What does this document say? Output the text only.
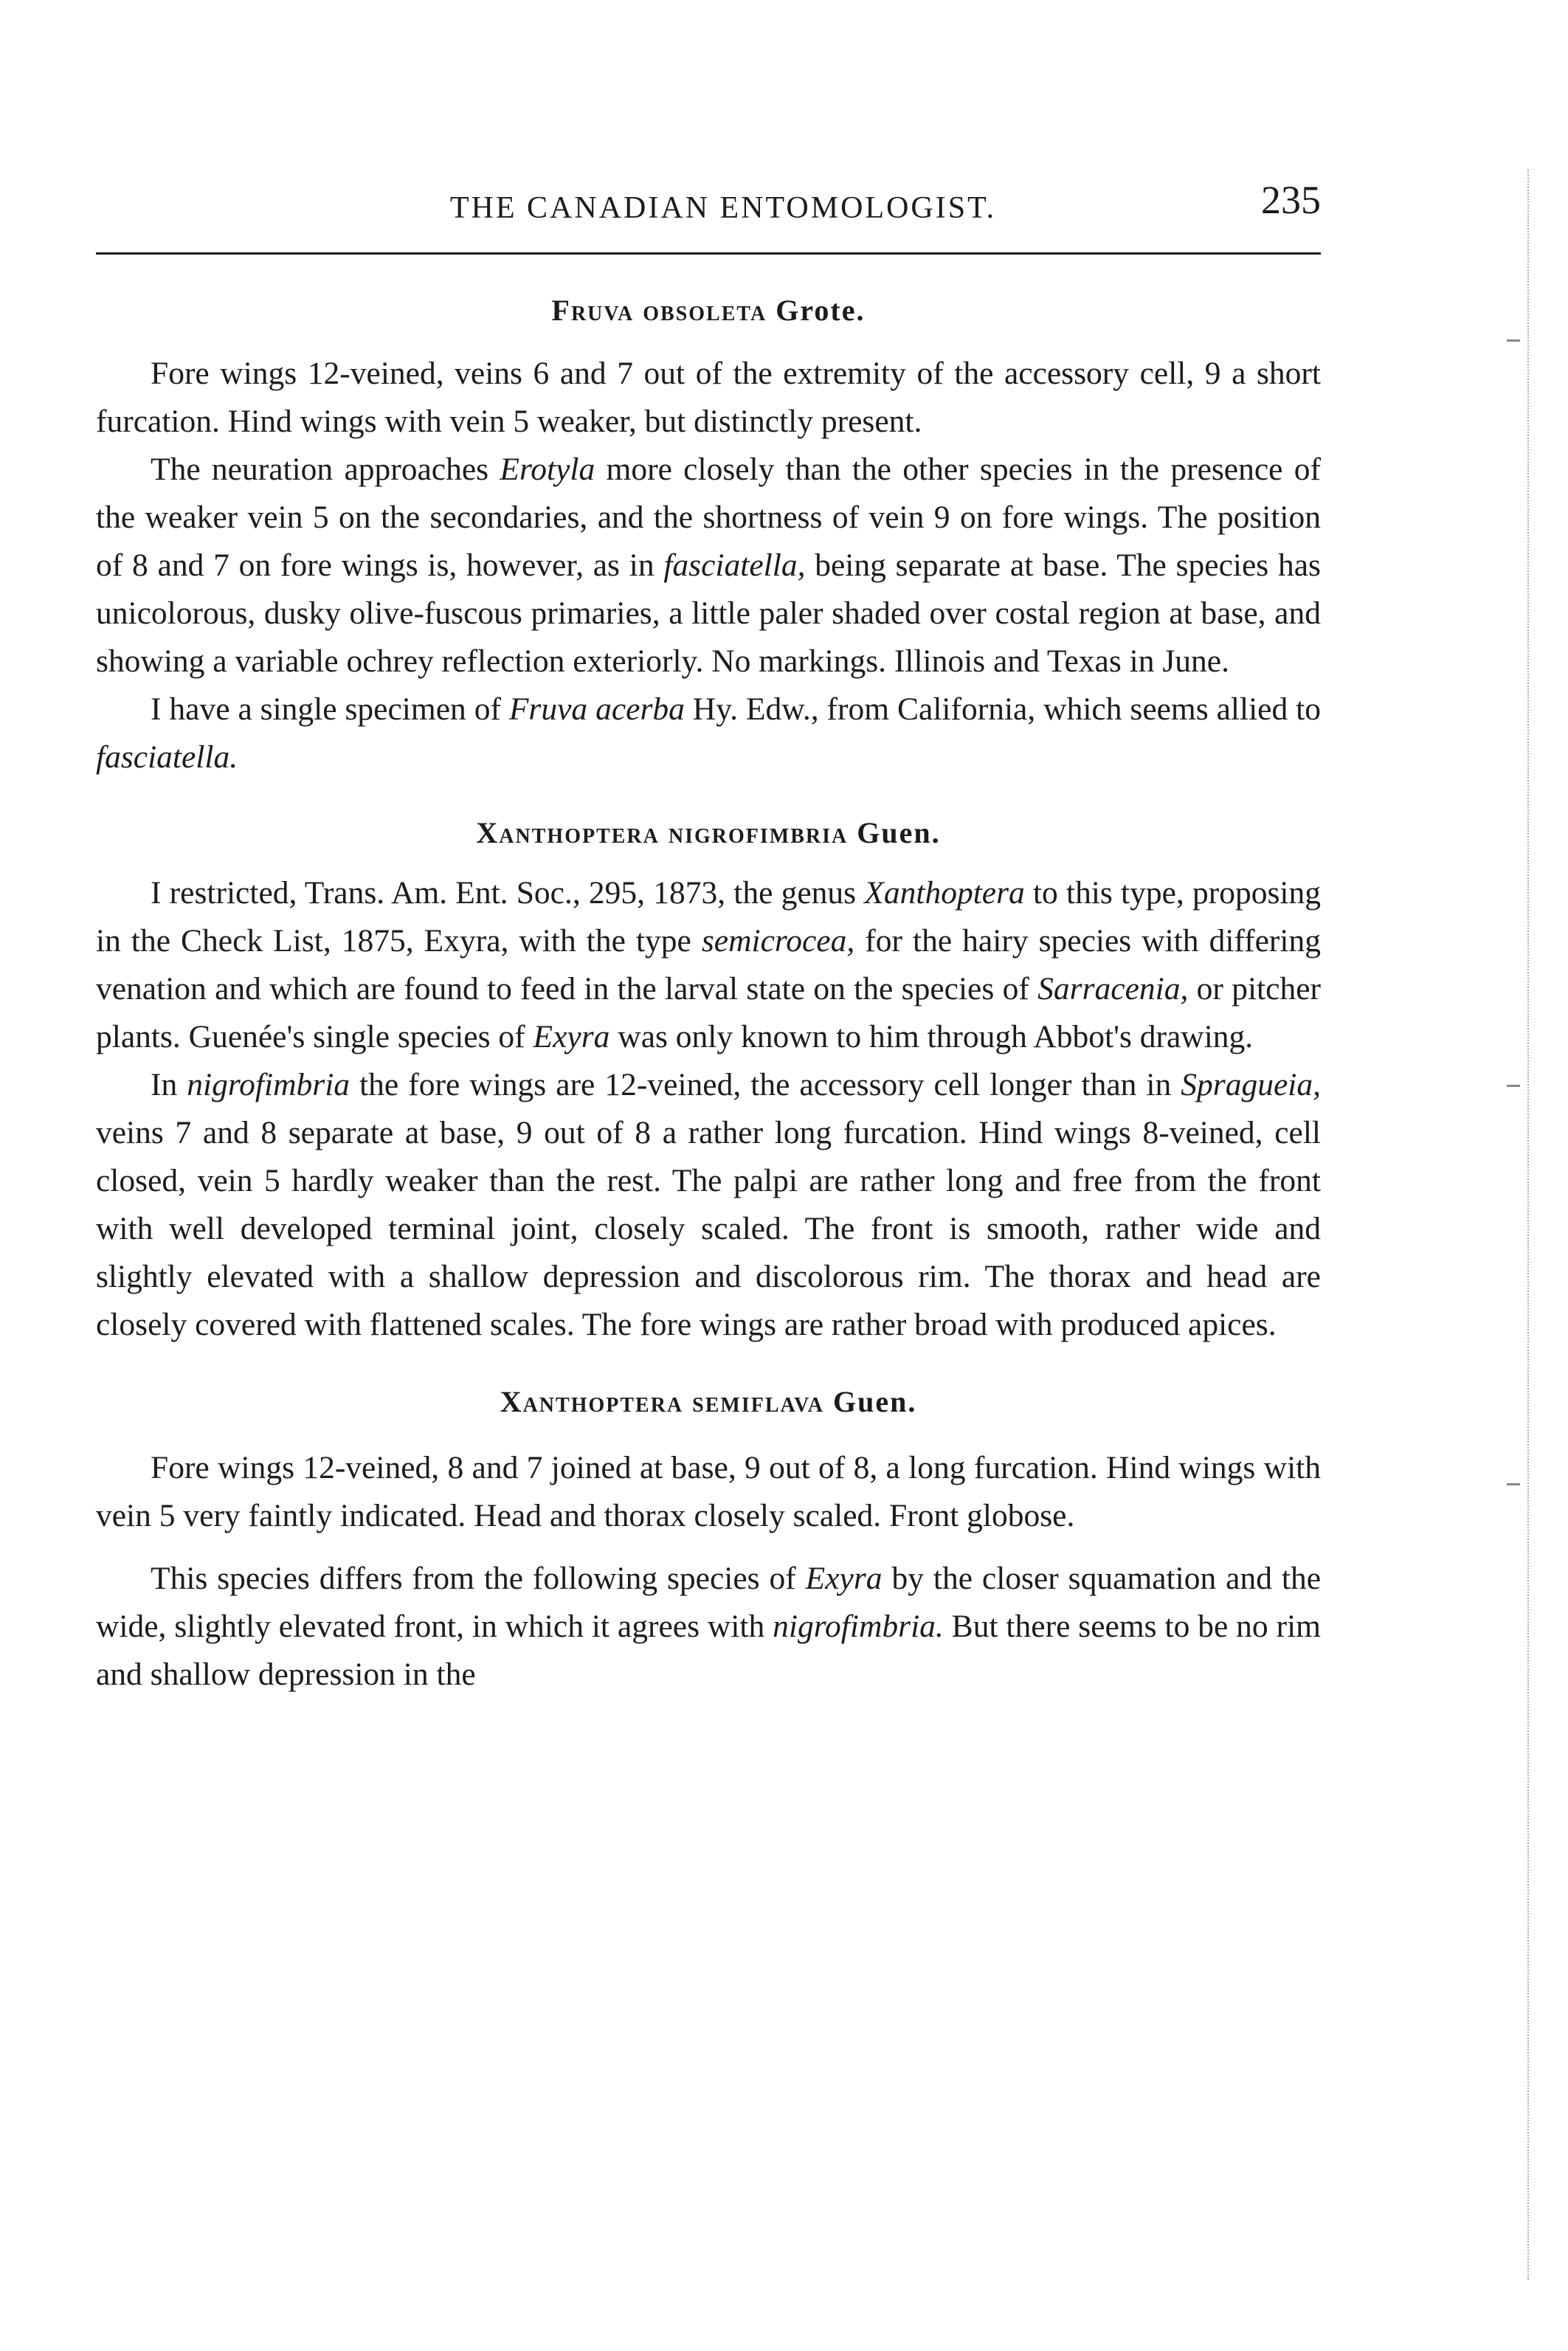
THE CANADIAN ENTOMOLOGIST.	235
Fruva obsoleta Grote.

Fore wings 12-veined, veins 6 and 7 out of the extremity of the accessory cell, 9 a short furcation. Hind wings with vein 5 weaker, but distinctly present.

The neuration approaches Erotyla more closely than the other species in the presence of the weaker vein 5 on the secondaries, and the shortness of vein 9 on fore wings. The position of 8 and 7 on fore wings is, however, as in fasciatella, being separate at base. The species has unicolorous, dusky olive-fuscous primaries, a little paler shaded over costal region at base, and showing a variable ochrey reflection exteriorly. No markings. Illinois and Texas in June.

I have a single specimen of Fruva acerba Hy. Edw., from California, which seems allied to fasciatella.

Xanthoptera nigrofimbria Guen.

I restricted, Trans. Am. Ent. Soc., 295, 1873, the genus Xanthoptera to this type, proposing in the Check List, 1875, Exyra, with the type semicrocea, for the hairy species with differing venation and which are found to feed in the larval state on the species of Sarracenia, or pitcher plants. Guenée's single species of Exyra was only known to him through Abbot's drawing.

In nigrofimbria the fore wings are 12-veined, the accessory cell longer than in Spragueia, veins 7 and 8 separate at base, 9 out of 8 a rather long furcation. Hind wings 8-veined, cell closed, vein 5 hardly weaker than the rest. The palpi are rather long and free from the front with well developed terminal joint, closely scaled. The front is smooth, rather wide and slightly elevated with a shallow depression and discolorous rim. The thorax and head are closely covered with flattened scales. The fore wings are rather broad with produced apices.

Xanthoptera semiflava Guen.

Fore wings 12-veined, 8 and 7 joined at base, 9 out of 8, a long furcation. Hind wings with vein 5 very faintly indicated. Head and thorax closely scaled. Front globose.

This species differs from the following species of Exyra by the closer squamation and the wide, slightly elevated front, in which it agrees with nigrofimbria. But there seems to be no rim and shallow depression in the
